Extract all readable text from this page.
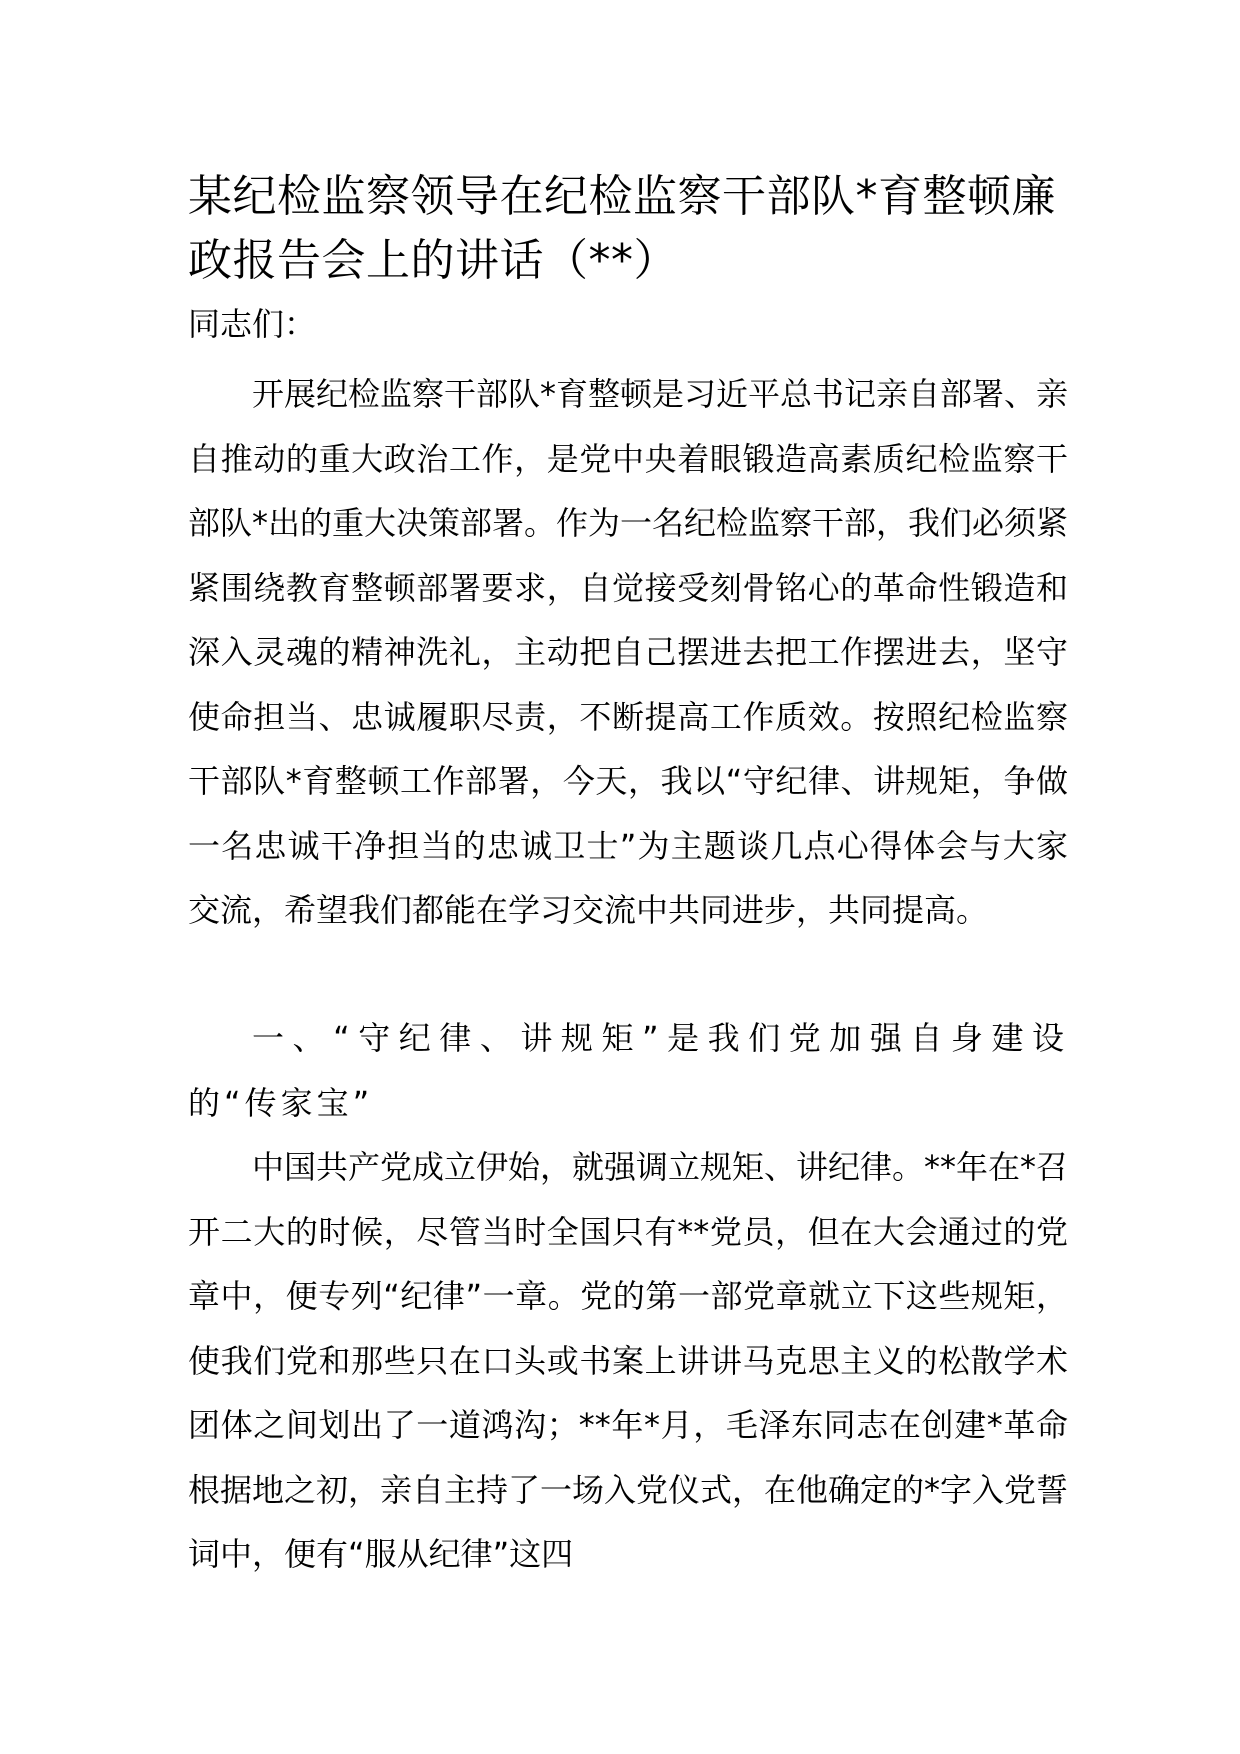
某纪检监察领导在纪检监察干部队*育整顿廉政报告会上的讲话（**）

同志们：

开展纪检监察干部队*育整顿是习近平总书记亲自部署、亲自推动的重大政治工作，是党中央着眼锻造高素质纪检监察干部队*出的重大决策部署。作为一名纪检监察干部，我们必须紧紧围绕教育整顿部署要求，自觉接受刻骨铭心的革命性锻造和深入灵魂的精神洗礼，主动把自己摆进去把工作摆进去，坚守使命担当、忠诚履职尽责，不断提高工作质效。按照纪检监察干部队*育整顿工作部署，今天，我以“守纪律、讲规矩，争做一名忠诚干净担当的忠诚卫士”为主题谈几点心得体会与大家交流，希望我们都能在学习交流中共同进步，共同提高。

一、“守纪律、讲规矩”是我们党加强自身建设的“传家宝”

中国共产党成立伊始，就强调立规矩、讲纪律。**年在*召开二大的时候，尽管当时全国只有**党员，但在大会通过的党章中，便专列“纪律”一章。党的第一部党章就立下这些规矩，使我们党和那些只在口头或书案上讲讲马克思主义的松散学术团体之间划出了一道鸿沟；**年*月，毛泽东同志在创建*革命根据地之初，亲自主持了一场入党仪式，在他确定的*字入党誓词中，便有“服从纪律”这四
